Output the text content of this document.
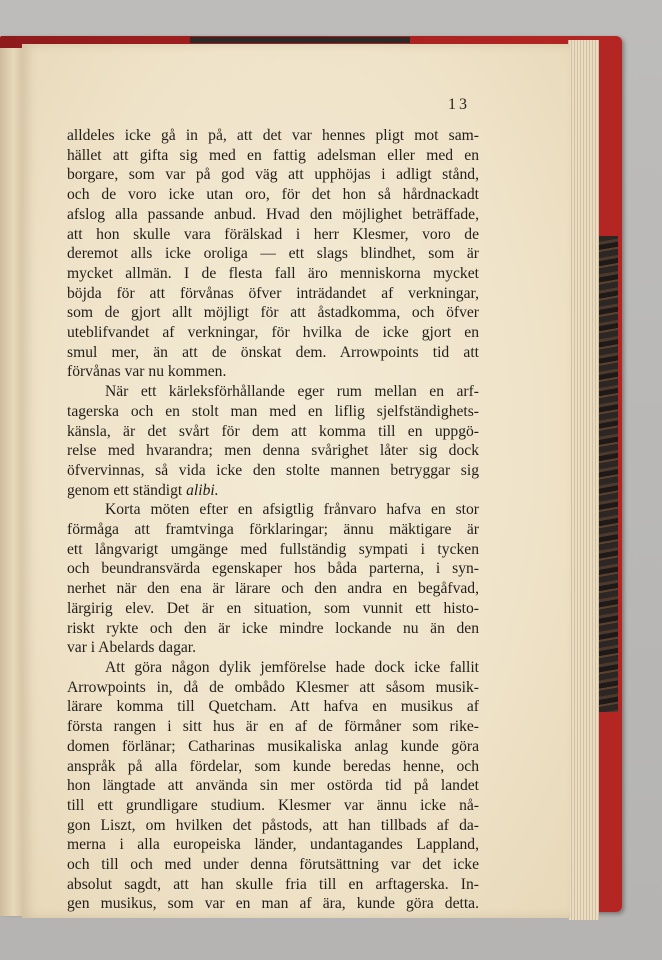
13
alldeles icke gå in på, att det var hennes pligt mot sam-
hället att gifta sig med en fattig adelsman eller med en
borgare, som var på god väg att upphöjas i adligt stånd,
och de voro icke utan oro, för det hon så hårdnackadt
afslog alla passande anbud. Hvad den möjlighet beträffade,
att hon skulle vara förälskad i herr Klesmer, voro de
deremot alls icke oroliga — ett slags blindhet, som är
mycket allmän. I de flesta fall äro menniskorna mycket
böjda för att förvånas öfver inträdandet af verkningar,
som de gjort allt möjligt för att åstadkomma, och öfver
uteblifvandet af verkningar, för hvilka de icke gjort en
smul mer, än att de önskat dem. Arrowpoints tid att
förvånas var nu kommen.
När ett kärleksförhållande eger rum mellan en arf-
tagerska och en stolt man med en liflig sjelfständighets-
känsla, är det svårt för dem att komma till en uppgö-
relse med hvarandra; men denna svårighet låter sig dock
öfvervinnas, så vida icke den stolte mannen betryggar sig
genom ett ständigt alibi.
Korta möten efter en afsigtlig frånvaro hafva en stor
förmåga att framtvinga förklaringar; ännu mäktigare är
ett långvarigt umgänge med fullständig sympati i tycken
och beundransvärda egenskaper hos båda parterna, i syn-
nerhet när den ena är lärare och den andra en begåfvad,
lärgirig elev. Det är en situation, som vunnit ett histo-
riskt rykte och den är icke mindre lockande nu än den
var i Abelards dagar.
Att göra någon dylik jemförelse hade dock icke fallit
Arrowpoints in, då de ombådo Klesmer att såsom musik-
lärare komma till Quetcham. Att hafva en musikus af
första rangen i sitt hus är en af de förmåner som rike-
domen förlänar; Catharinas musikaliska anlag kunde göra
anspråk på alla fördelar, som kunde beredas henne, och
hon längtade att använda sin mer ostörda tid på landet
till ett grundligare studium. Klesmer var ännu icke nå-
gon Liszt, om hvilken det påstods, att han tillbads af da-
merna i alla europeiska länder, undantagandes Lappland,
och till och med under denna förutsättning var det icke
absolut sagdt, att han skulle fria till en arftagerska. In-
gen musikus, som var en man af ära, kunde göra detta.
